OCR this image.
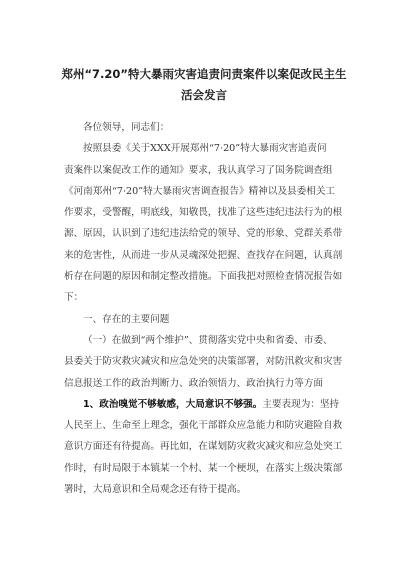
郑州“7.20”特大暴雨灾害追责问责案件以案促改民主生
活会发言
各位领导，同志们：
按照县委《关于XXX开展郑州“7·20”特大暴雨灾害追责问
责案件以案促改工作的通知》要求，我认真学习了国务院调查组
《河南郑州“7·20”特大暴雨灾害调查报告》精神以及县委相关工
作要求，受警醒，明底线，知敬畏，找准了这些违纪违法行为的根
源、原因，认识到了违纪违法给党的领导、党的形象、党群关系带
来的危害性，从而进一步从灵魂深处把握、查找存在问题，认真剖
析存在问题的原因和制定整改措施。下面我把对照检查情况报告如
下：
一、存在的主要问题
（一）在做到“两个维护”、贯彻落实党中央和省委、市委、
县委关于防灾救灾减灾和应急处突的决策部署，对防汛救灾和灾害
信息报送工作的政治判断力、政治领悟力、政治执行力等方面
1、政治嗅觉不够敏感，大局意识不够强。主要表现为：坚持
人民至上、生命至上理念，强化干部群众应急能力和防灾避险自救
意识方面还有待提高。再比如，在谋划防灾救灾减灾和应急处突工
作时，有时局限于本镇某一个村、某一个梗坝，在落实上级决策部
署时，大局意识和全局观念还有待于提高。
